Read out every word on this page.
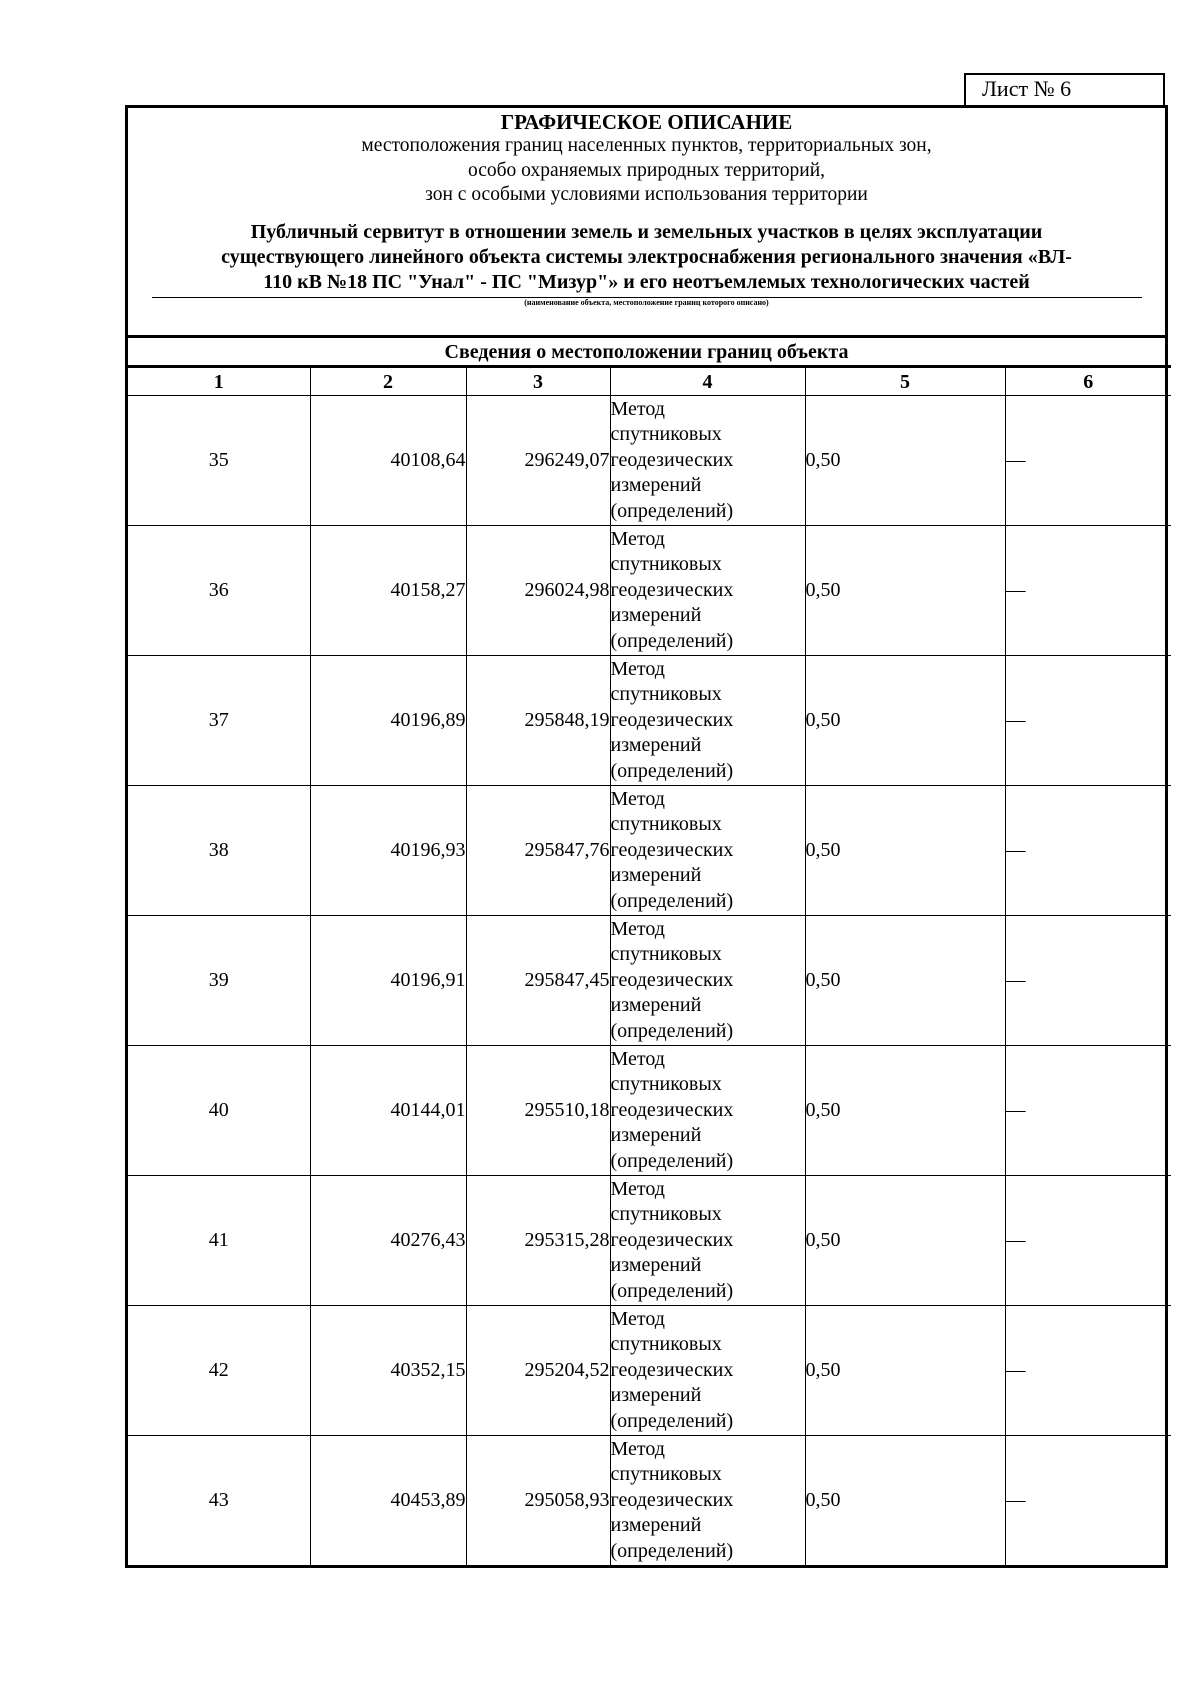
Лист № 6
ГРАФИЧЕСКОЕ ОПИСАНИЕ
местоположения границ населенных пунктов, территориальных зон,
особо охраняемых природных территорий,
зон с особыми условиями использования территории
Публичный сервитут в отношении земель и земельных участков в целях эксплуатации
существующего линейного объекта системы электроснабжения регионального значения «ВЛ-
110 кВ №18 ПС "Унал" - ПС "Мизур"» и его неотъемлемых технологических частей
(наименование объекта, местоположение границ которого описано)
Сведения о местоположении границ объекта
1	2	3	4	5	6
35	40108,64	296249,07	Метод
спутниковых
геодезических
измерений
(определений)	0,50	—
36	40158,27	296024,98	Метод
спутниковых
геодезических
измерений
(определений)	0,50	—
37	40196,89	295848,19	Метод
спутниковых
геодезических
измерений
(определений)	0,50	—
38	40196,93	295847,76	Метод
спутниковых
геодезических
измерений
(определений)	0,50	—
39	40196,91	295847,45	Метод
спутниковых
геодезических
измерений
(определений)	0,50	—
40	40144,01	295510,18	Метод
спутниковых
геодезических
измерений
(определений)	0,50	—
41	40276,43	295315,28	Метод
спутниковых
геодезических
измерений
(определений)	0,50	—
42	40352,15	295204,52	Метод
спутниковых
геодезических
измерений
(определений)	0,50	—
43	40453,89	295058,93	Метод
спутниковых
геодезических
измерений
(определений)	0,50	—
